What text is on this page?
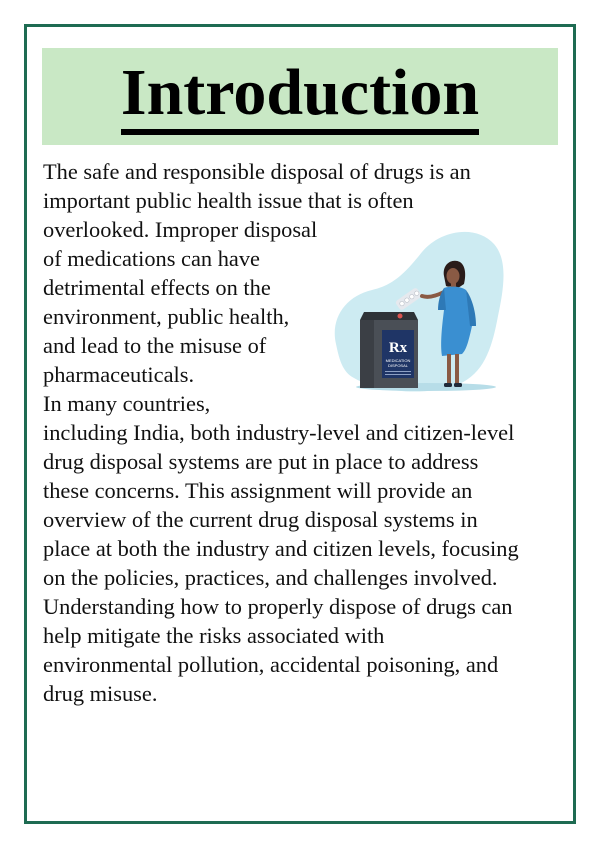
Introduction
The safe and responsible disposal of drugs is an
important public health issue that is often
overlooked. Improper disposal
of medications can have
detrimental effects on the
environment, public health,
and lead to the misuse of
pharmaceuticals.
In many countries,
including India, both industry-level and citizen-level
drug disposal systems are put in place to address
these concerns. This assignment will provide an
overview of the current drug disposal systems in
place at both the industry and citizen levels, focusing
on the policies, practices, and challenges involved.
Understanding how to properly dispose of drugs can
help mitigate the risks associated with
environmental pollution, accidental poisoning, and
drug misuse.
Rx
MEDICATION
DISPOSAL
